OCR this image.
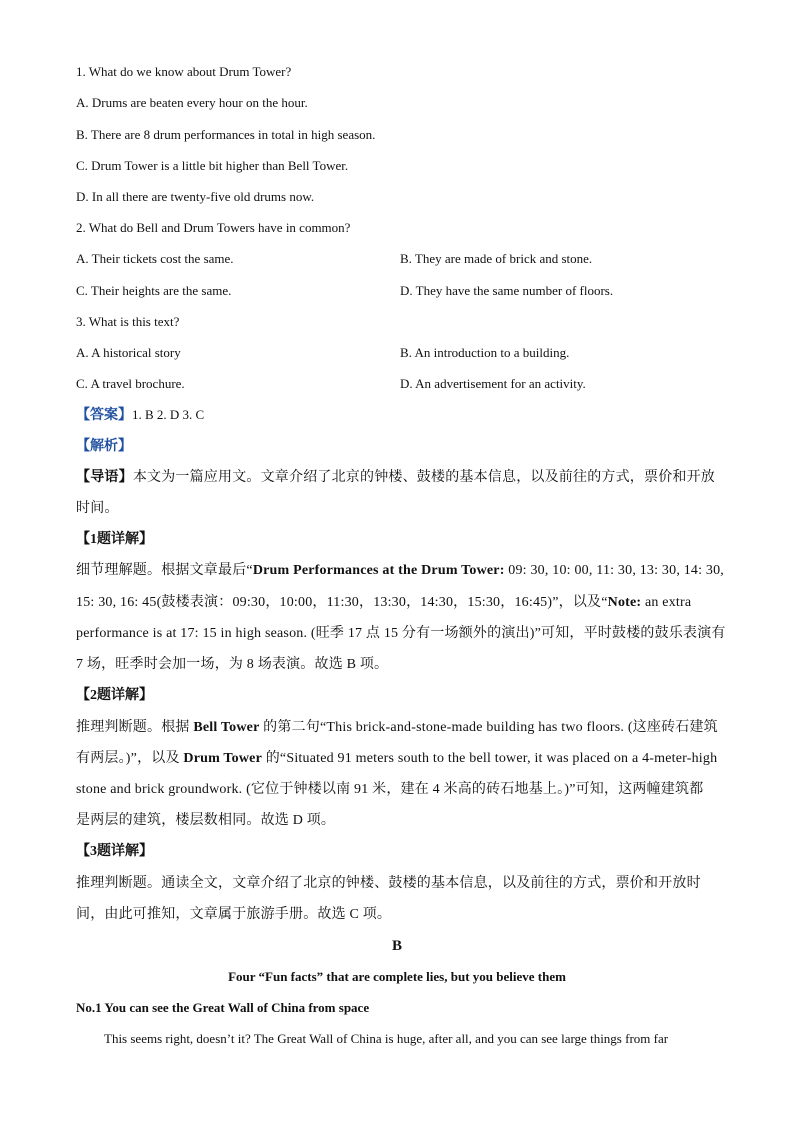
1. What do we know about Drum Tower?
A. Drums are beaten every hour on the hour.
B. There are 8 drum performances in total in high season.
C. Drum Tower is a little bit higher than Bell Tower.
D. In all there are twenty-five old drums now.
2. What do Bell and Drum Towers have in common?
A. Their tickets cost the same.	B. They are made of brick and stone.
C. Their heights are the same.	D. They have the same number of floors.
3. What is this text?
A. A historical story	B. An introduction to a building.
C. A travel brochure.	D. An advertisement for an activity.
【答案】1. B 2. D 3. C
【解析】
【导语】本文为一篇应用文。文章介绍了北京的钟楼、鼓楼的基本信息，以及前往的方式，票价和开放
时间。
【1题详解】
细节理解题。根据文章最后“Drum Performances at the Drum Tower: 09: 30, 10: 00, 11: 30, 13: 30, 14: 30,
15: 30, 16: 45(鼓楼表演：09:30，10:00，11:30，13:30，14:30，15:30，16:45)”，以及“Note: an extra
performance is at 17: 15 in high season. (旺季 17 点 15 分有一场额外的演出)”可知，平时鼓楼的鼓乐表演有
7 场，旺季时会加一场，为 8 场表演。故选 B 项。
【2题详解】
推理判断题。根据 Bell Tower 的第二句“This brick-and-stone-made building has two floors. (这座砖石建筑
有两层。)”，以及 Drum Tower 的“Situated 91 meters south to the bell tower, it was placed on a 4-meter-high
stone and brick groundwork. (它位于钟楼以南 91 米，建在 4 米高的砖石地基上。)”可知，这两幢建筑都
是两层的建筑，楼层数相同。故选 D 项。
【3题详解】
推理判断题。通读全文，文章介绍了北京的钟楼、鼓楼的基本信息，以及前往的方式，票价和开放时
间，由此可推知，文章属于旅游手册。故选 C 项。
B
Four “Fun facts” that are complete lies, but you believe them
No.1 You can see the Great Wall of China from space
This seems right, doesn’t it? The Great Wall of China is huge, after all, and you can see large things from far
